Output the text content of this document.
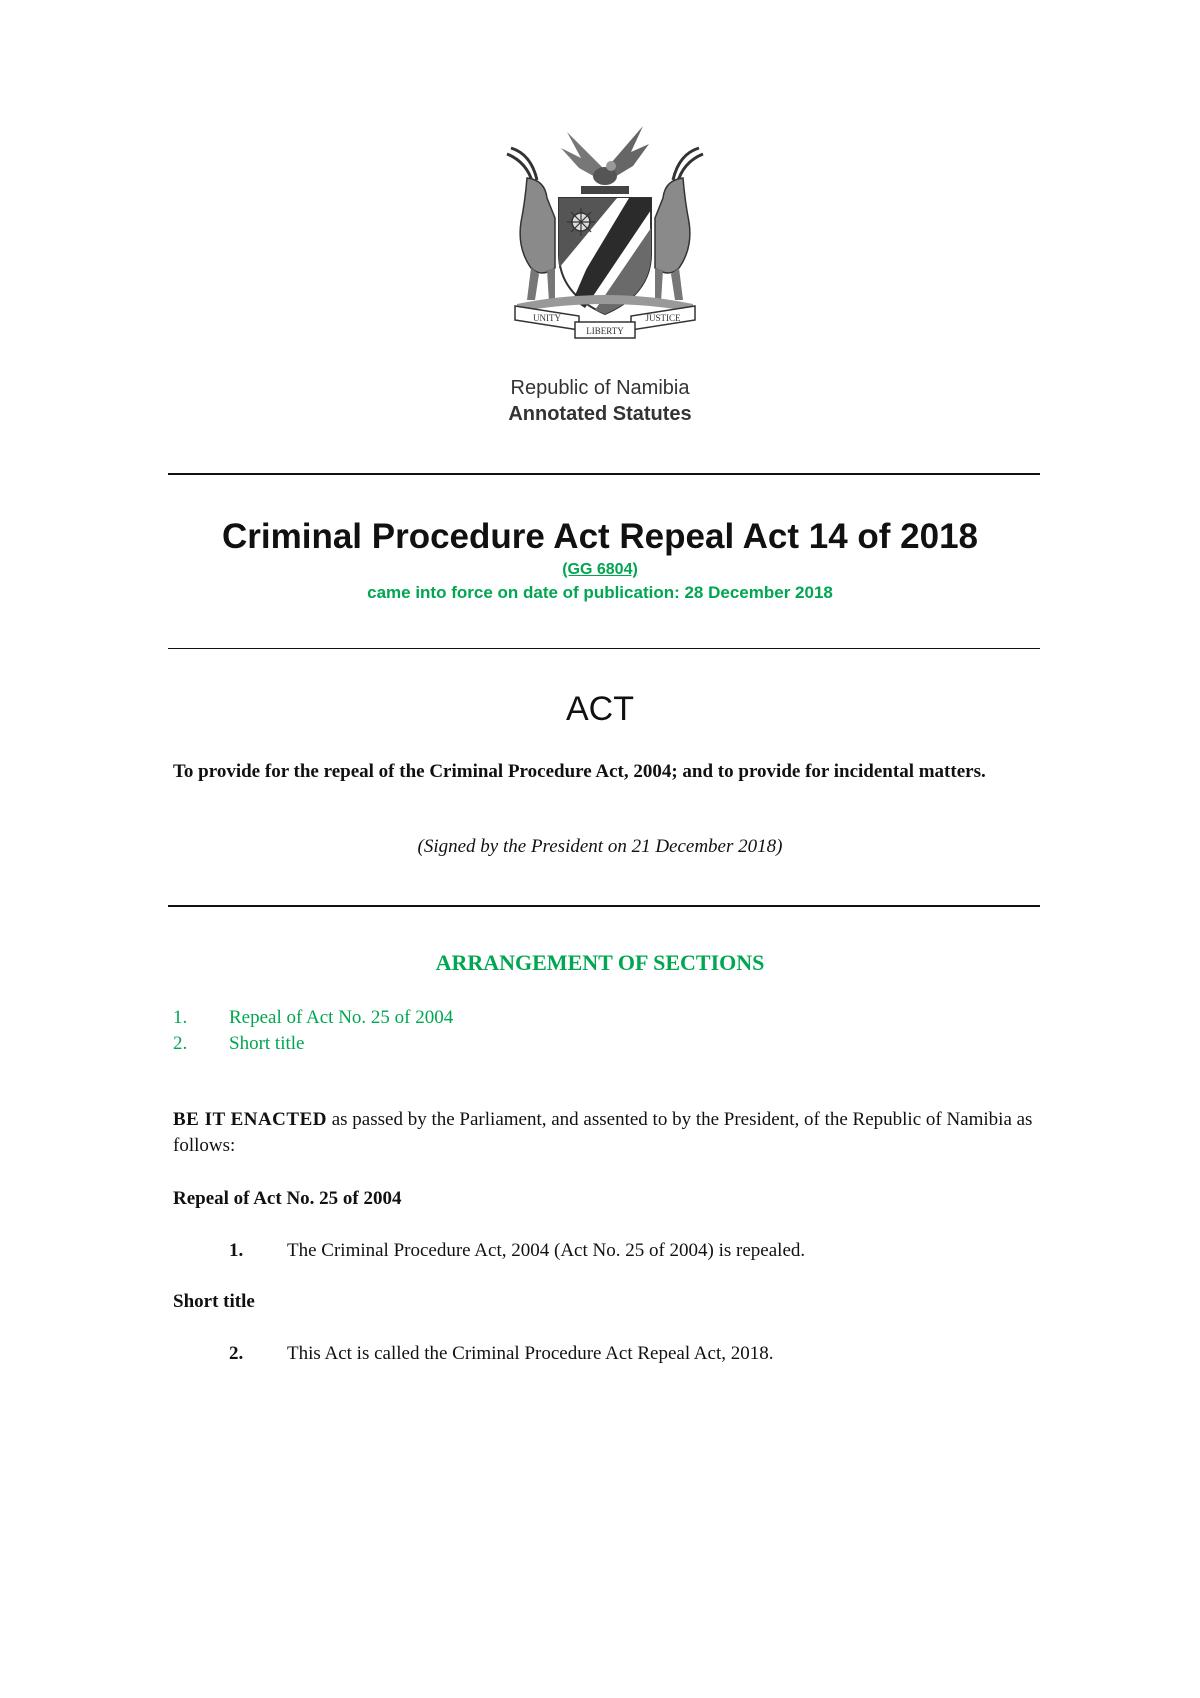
UNITY
LIBERTY
JUSTICE
Republic of Namibia
Annotated Statutes
Criminal Procedure Act Repeal Act 14 of 2018
(GG 6804)
came into force on date of publication: 28 December 2018
ACT
To provide for the repeal of the Criminal Procedure Act, 2004; and to provide for incidental matters.
(Signed by the President on 21 December 2018)
ARRANGEMENT OF SECTIONS
1. Repeal of Act No. 25 of 2004
2. Short title
BE IT ENACTED as passed by the Parliament, and assented to by the President, of the Republic of Namibia as follows:
Repeal of Act No. 25 of 2004
1. The Criminal Procedure Act, 2004 (Act No. 25 of 2004) is repealed.
Short title
2. This Act is called the Criminal Procedure Act Repeal Act, 2018.
